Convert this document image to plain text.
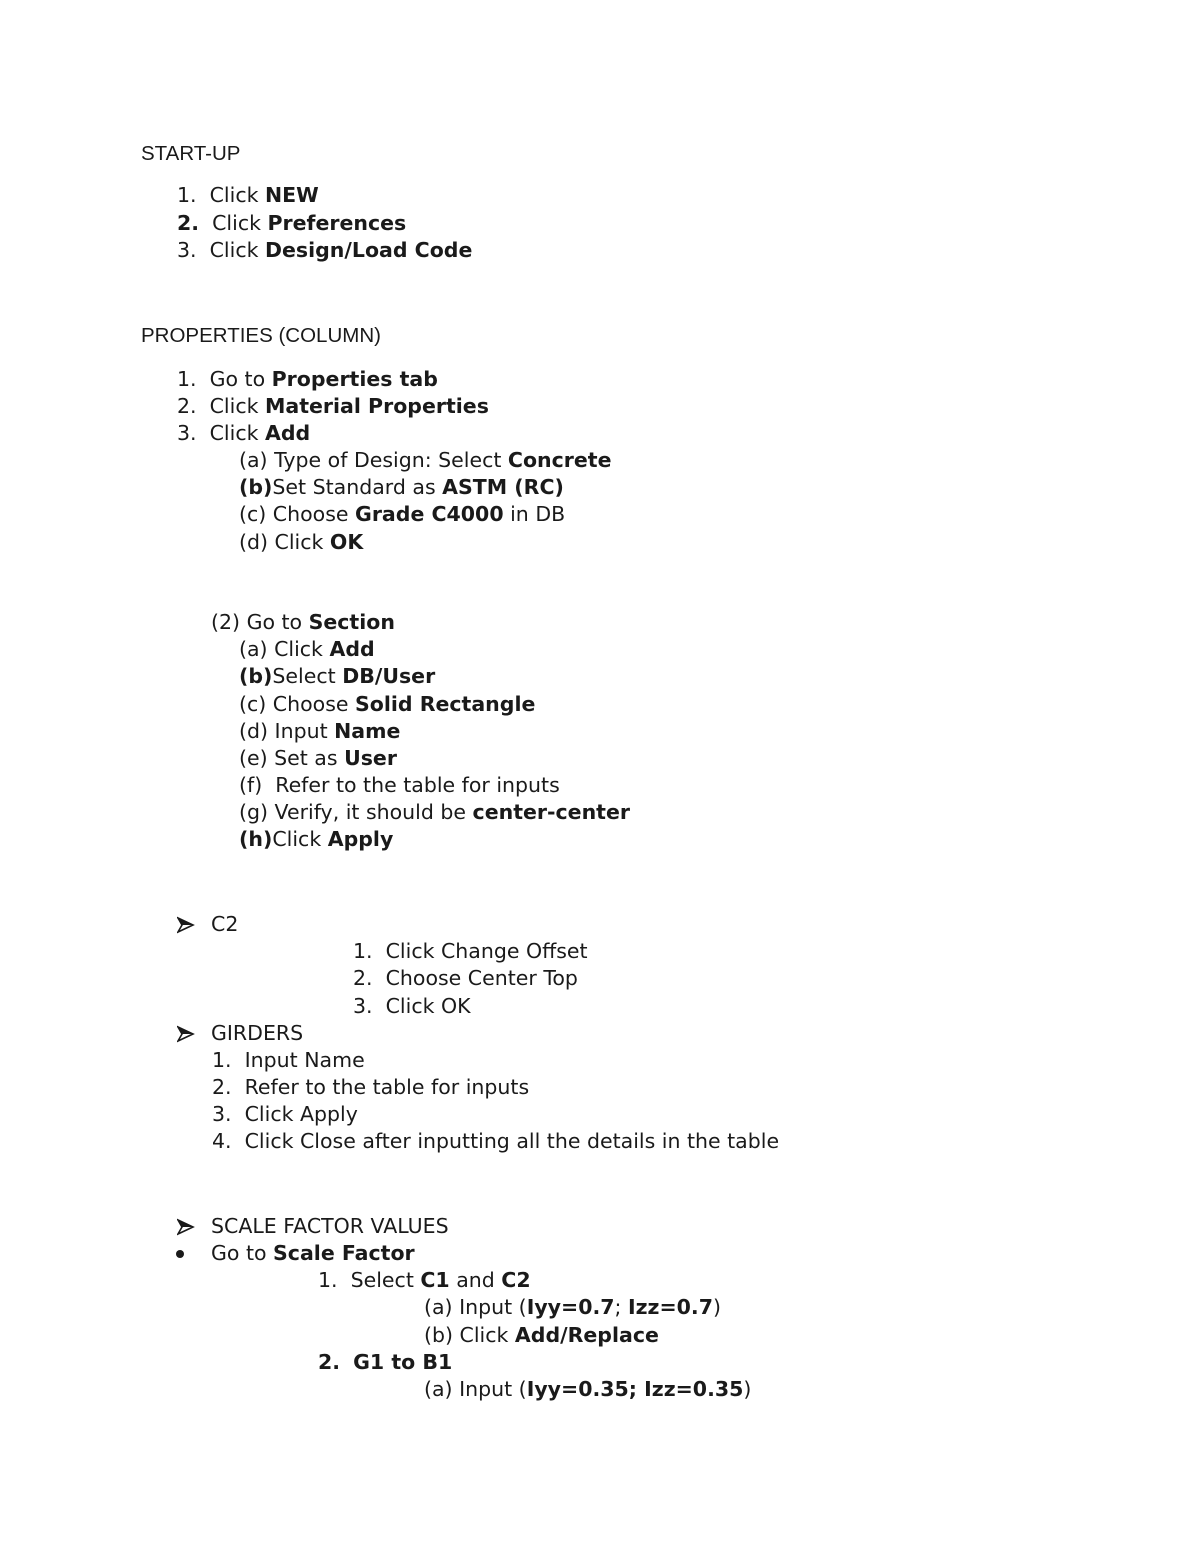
START-UP
1. Click NEW
2. Click Preferences
3. Click Design/Load Code
PROPERTIES (COLUMN)
1. Go to Properties tab
2. Click Material Properties
3. Click Add
(a) Type of Design: Select Concrete
(b)Set Standard as ASTM (RC)
(c) Choose Grade C4000 in DB
(d) Click OK
(2) Go to Section
(a) Click Add
(b)Select DB/User
(c) Choose Solid Rectangle
(d) Input Name
(e) Set as User
(f)  Refer to the table for inputs
(g) Verify, it should be center-center
(h)Click Apply
C2
1. Click Change Offset
2. Choose Center Top
3. Click OK
GIRDERS
1. Input Name
2. Refer to the table for inputs
3. Click Apply
4. Click Close after inputting all the details in the table
SCALE FACTOR VALUES
Go to Scale Factor
1. Select C1 and C2
(a) Input (Iyy=0.7; Izz=0.7)
(b) Click Add/Replace
2. G1 to B1
(a) Input (Iyy=0.35; Izz=0.35)
